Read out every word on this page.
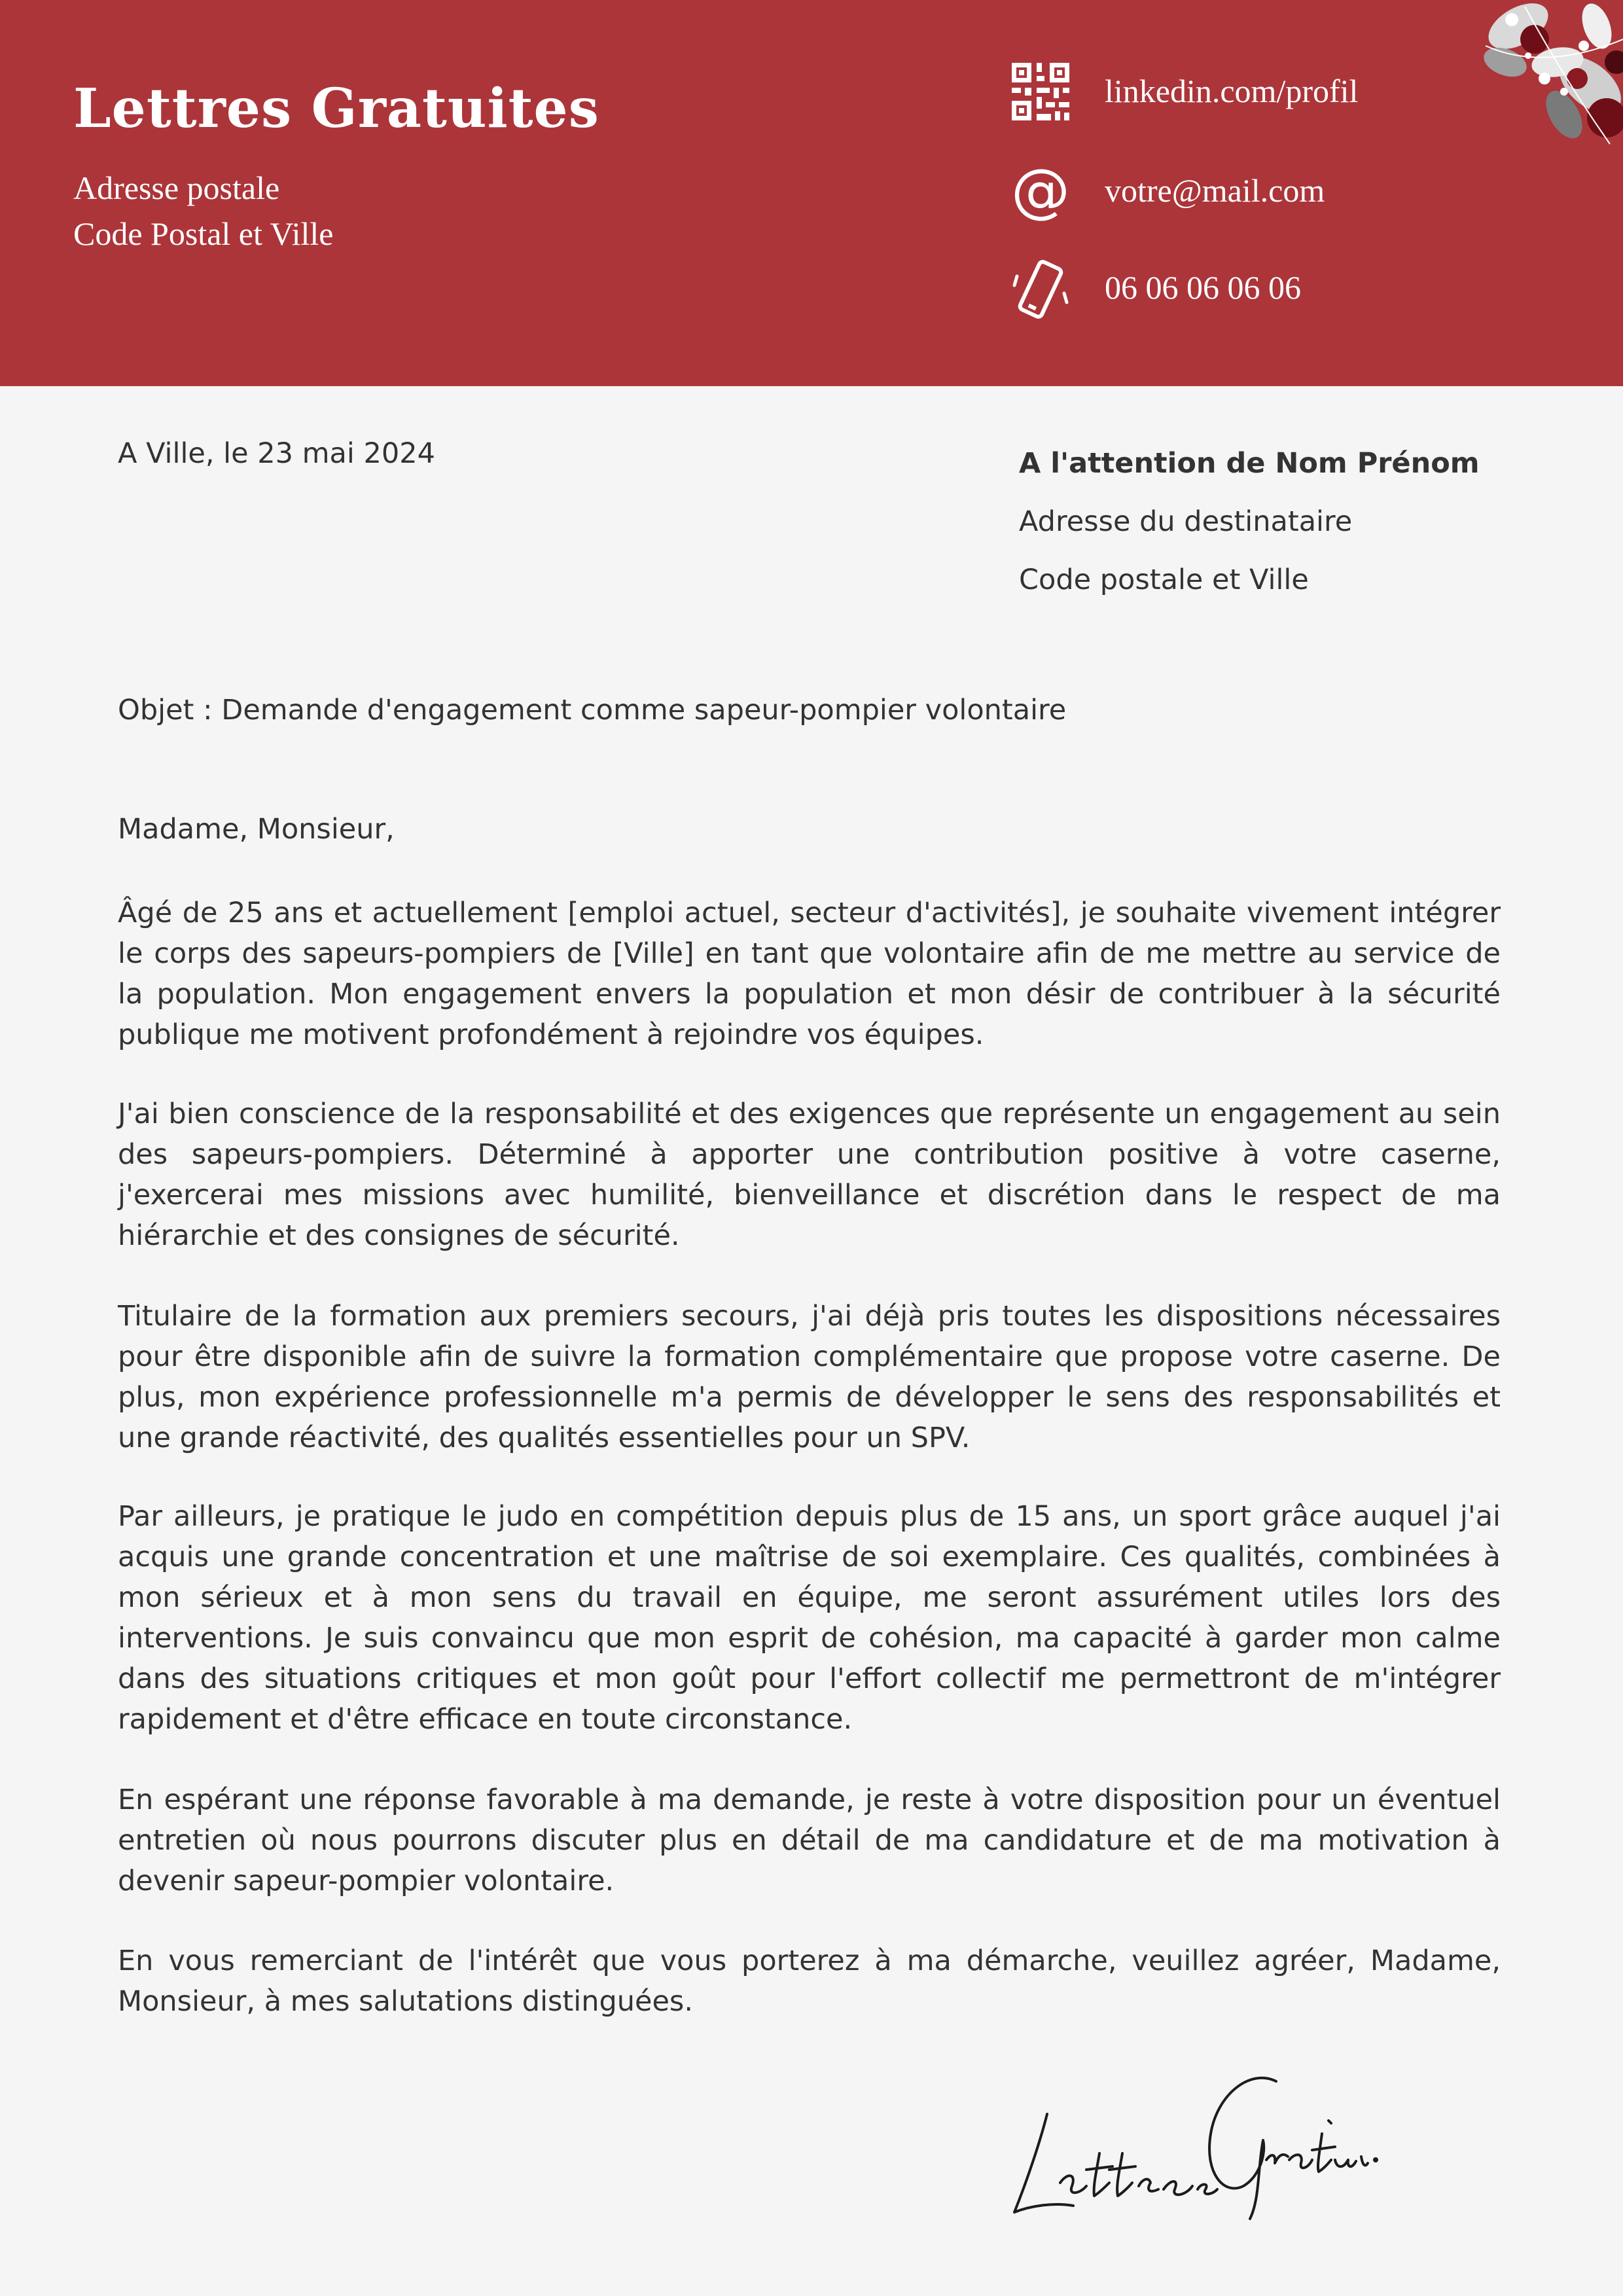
Lettres Gratuites
Adresse postale
Code Postal et Ville
linkedin.com/profil
@ votre@mail.com
06 06 06 06 06
A Ville, le 23 mai 2024	A l'attention de Nom Prénom
Adresse du destinataire
Code postale et Ville
Objet : Demande d'engagement comme sapeur-pompier volontaire
Madame, Monsieur,

Âgé de 25 ans et actuellement [emploi actuel, secteur d'activités], je souhaite vivement intégrer le corps des sapeurs-pompiers de [Ville] en tant que volontaire afin de me mettre au service de la population. Mon engagement envers la population et mon désir de contribuer à la sécurité publique me motivent profondément à rejoindre vos équipes.

J'ai bien conscience de la responsabilité et des exigences que représente un engagement au sein des sapeurs-pompiers. Déterminé à apporter une contribution positive à votre caserne, j'exercerai mes missions avec humilité, bienveillance et discrétion dans le respect de ma hiérarchie et des consignes de sécurité.

Titulaire de la formation aux premiers secours, j'ai déjà pris toutes les dispositions nécessaires pour être disponible afin de suivre la formation complémentaire que propose votre caserne. De plus, mon expérience professionnelle m'a permis de développer le sens des responsabilités et une grande réactivité, des qualités essentielles pour un SPV.

Par ailleurs, je pratique le judo en compétition depuis plus de 15 ans, un sport grâce auquel j'ai acquis une grande concentration et une maîtrise de soi exemplaire. Ces qualités, combinées à mon sérieux et à mon sens du travail en équipe, me seront assurément utiles lors des interventions. Je suis convaincu que mon esprit de cohésion, ma capacité à garder mon calme dans des situations critiques et mon goût pour l'effort collectif me permettront de m'intégrer rapidement et d'être efficace en toute circonstance.

En espérant une réponse favorable à ma demande, je reste à votre disposition pour un éventuel entretien où nous pourrons discuter plus en détail de ma candidature et de ma motivation à devenir sapeur-pompier volontaire.

En vous remerciant de l'intérêt que vous porterez à ma démarche, veuillez agréer, Madame, Monsieur, à mes salutations distinguées.
